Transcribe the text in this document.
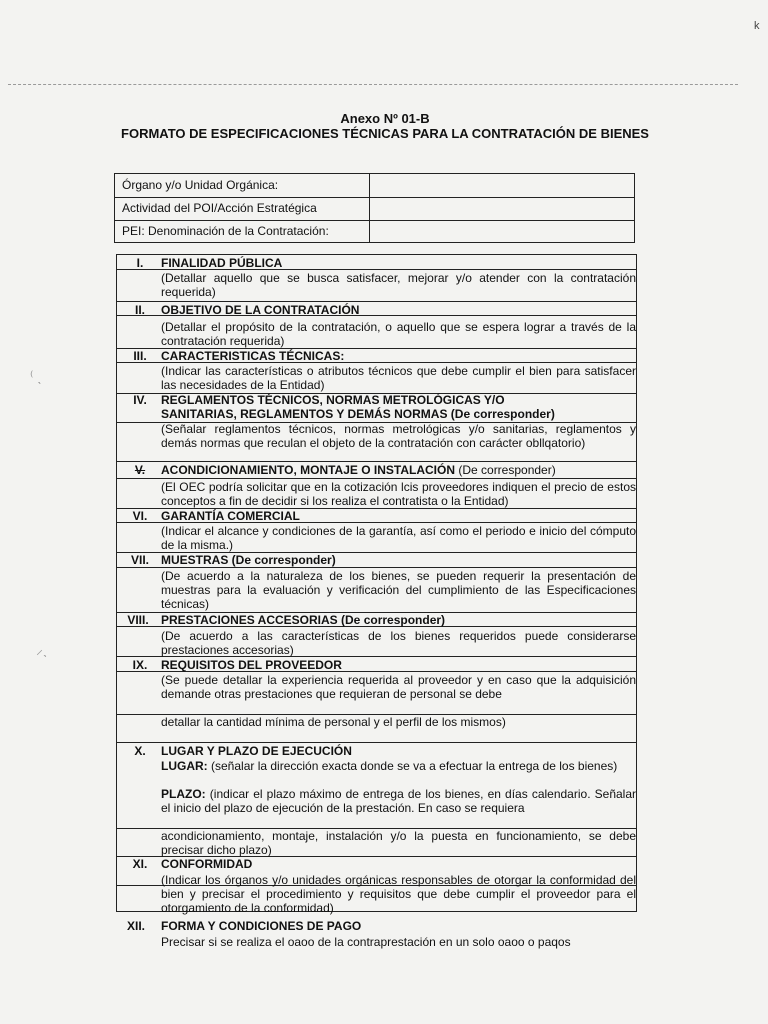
k
⁽ ˎ
⸝ˎ
Anexo Nº 01-B
FORMATO DE ESPECIFICACIONES TÉCNICAS PARA LA CONTRATACIÓN DE BIENES
Órgano y/o Unidad Orgánica:
Actividad del POI/Acción Estratégica
PEI: Denominación de la Contratación:
I.	FINALIDAD PÚBLICA
(Detallar aquello que se busca satisfacer, mejorar y/o atender con la contratación requerida)
II.	OBJETIVO DE LA CONTRATACIÓN
(Detallar el propósito de la contratación, o aquello que se espera lograr a través de la contratación requerida)
III.	CARACTERISTICAS TÉCNICAS:
(Indicar las características o atributos técnicos que debe cumplir el bien para satisfacer las necesidades de la Entidad)
IV.	REGLAMENTOS TÉCNICOS, NORMAS METROLÓGICAS Y/O
SANITARIAS, REGLAMENTOS Y DEMÁS NORMAS (De corresponder)
(Señalar reglamentos técnicos, normas metrológicas y/o sanitarias, reglamentos y demás normas que reculan el objeto de la contratación con carácter obllqatorio)
V.	ACONDICIONAMIENTO, MONTAJE O INSTALACIÓN (De corresponder)
(El OEC podría solicitar que en la cotización lcis proveedores indiquen el precio de estos conceptos a fin de decidir si los realiza el contratista o la Entidad)
VI.	GARANTÍA COMERCIAL
(Indicar el alcance y condiciones de la garantía, así como el periodo e inicio del cómputo de la misma.)
VII.	MUESTRAS (De corresponder)
(De acuerdo a la naturaleza de los bienes, se pueden requerir la presentación de muestras para la evaluación y verificación del cumplimiento de las Especificaciones técnicas)
VIII.	PRESTACIONES ACCESORIAS (De corresponder)
(De acuerdo a las características de los bienes requeridos puede considerarse prestaciones accesorias)
IX.	REQUISITOS DEL PROVEEDOR
(Se puede detallar la experiencia requerida al proveedor y en caso que la adquisición demande otras prestaciones que requieran de personal se debe
detallar la cantidad mínima de personal y el perfil de los mismos)
X.	LUGAR Y PLAZO DE EJECUCIÓN
LUGAR: (señalar la dirección exacta donde se va a efectuar la entrega de los bienes)
PLAZO: (indicar el plazo máximo de entrega de los bienes, en días calendario. Señalar el inicio del plazo de ejecución de la prestación. En caso se requiera
acondicionamiento, montaje, instalación y/o la puesta en funcionamiento, se debe precisar dicho plazo)
XI.	CONFORMIDAD
(Indicar los órganos y/o unidades orgánicas responsables de otorgar la conformidad del bien y precisar el procedimiento y requisitos que debe cumplir el proveedor para el otorgamiento de la conformidad)
XII.	FORMA Y CONDICIONES DE PAGO
Precisar si se realiza el oaoo de la contraprestación en un solo oaoo o paqos
